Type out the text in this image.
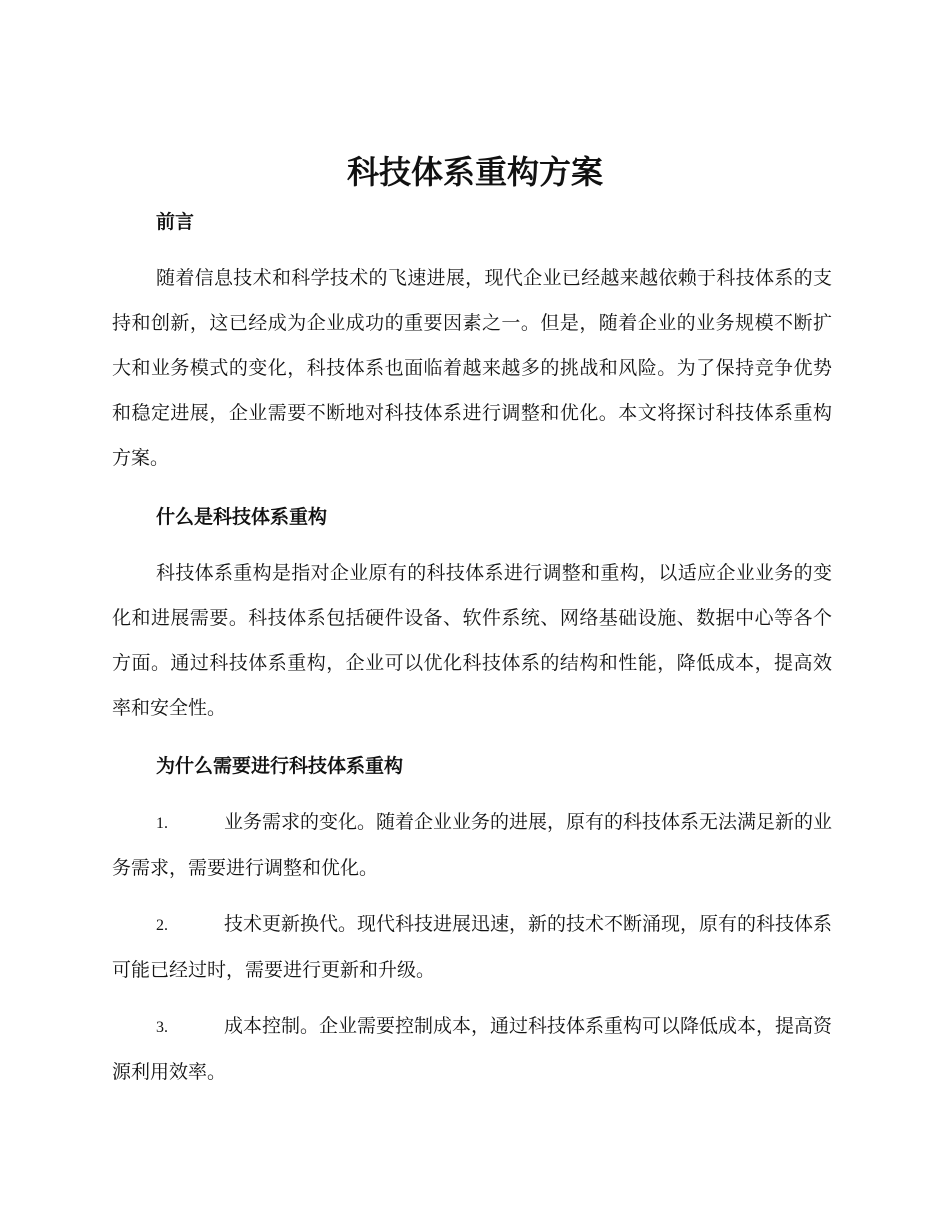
科技体系重构方案
前言

随着信息技术和科学技术的飞速进展，现代企业已经越来越依赖于科技体系的支持和创新，这已经成为企业成功的重要因素之一。但是，随着企业的业务规模不断扩大和业务模式的变化，科技体系也面临着越来越多的挑战和风险。为了保持竞争优势和稳定进展，企业需要不断地对科技体系进行调整和优化。本文将探讨科技体系重构方案。

什么是科技体系重构

科技体系重构是指对企业原有的科技体系进行调整和重构，以适应企业业务的变化和进展需要。科技体系包括硬件设备、软件系统、网络基础设施、数据中心等各个方面。通过科技体系重构，企业可以优化科技体系的结构和性能，降低成本，提高效率和安全性。

为什么需要进行科技体系重构

1.	业务需求的变化。随着企业业务的进展，原有的科技体系无法满足新的业务需求，需要进行调整和优化。

2.	技术更新换代。现代科技进展迅速，新的技术不断涌现，原有的科技体系可能已经过时，需要进行更新和升级。

3.	成本控制。企业需要控制成本，通过科技体系重构可以降低成本，提高资源利用效率。
